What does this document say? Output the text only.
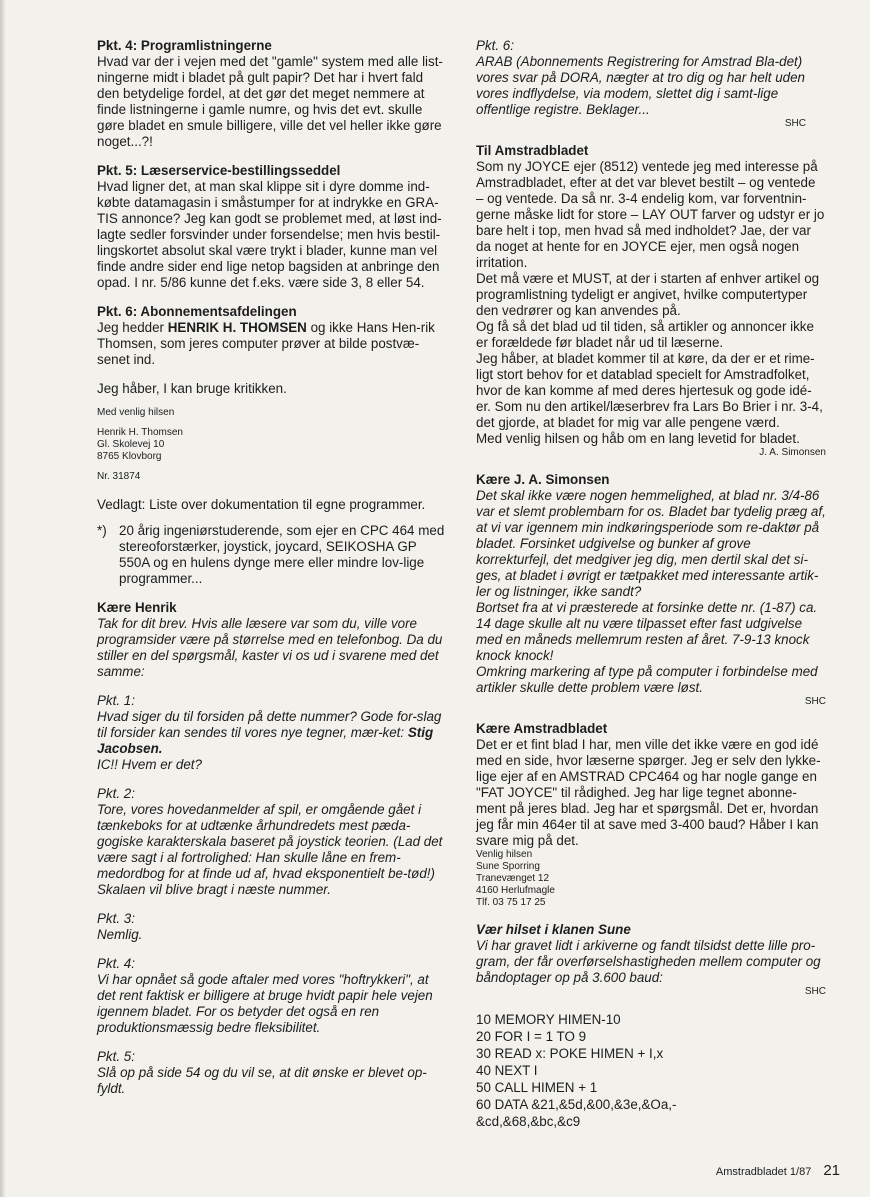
Pkt. 4: Programlistningerne

Hvad var der i vejen med det "gamle" system med alle list-ningerne midt i bladet på gult papir? Det har i hvert fald den betydelige fordel, at det gør det meget nemmere at finde listningerne i gamle numre, og hvis det evt. skulle gøre bladet en smule billigere, ville det vel heller ikke gøre noget...?!

Pkt. 5: Læserservice-bestillingsseddel

Hvad ligner det, at man skal klippe sit i dyre domme ind-købte datamagasin i småstumper for at indrykke en GRA-TIS annonce? Jeg kan godt se problemet med, at løst ind-lagte sedler forsvinder under forsendelse; men hvis bestil-lingskortet absolut skal være trykt i blader, kunne man vel finde andre sider end lige netop bagsiden at anbringe den opad. I nr. 5/86 kunne det f.eks. være side 3, 8 eller 54.

Pkt. 6: Abonnementsafdelingen

Jeg hedder HENRIK H. THOMSEN og ikke Hans Hen-rik Thomsen, som jeres computer prøver at bilde postvæ-senet ind.

Jeg håber, I kan bruge kritikken.

Med venlig hilsen

Henrik H. Thomsen

Gl. Skolevej 10

8765 Klovborg

Nr. 31874

Vedlagt: Liste over dokumentation til egne programmer.

*) 20 årig ingeniørstuderende, som ejer en CPC 464 med stereoforstærker, joystick, joycard, SEIKOSHA GP 550A og en hulens dynge mere eller mindre lov-lige programmer...
Kære Henrik

Tak for dit brev. Hvis alle læsere var som du, ville vore programsider være på størrelse med en telefonbog. Da du stiller en del spørgsmål, kaster vi os ud i svarene med det samme:

Pkt. 1:

Hvad siger du til forsiden på dette nummer? Gode for-slag til forsider kan sendes til vores nye tegner, mær-ket: Stig Jacobsen.

IC!! Hvem er det?

Pkt. 2:

Tore, vores hovedanmelder af spil, er omgående gået i tænkeboks for at udtænke århundredets mest pæda-gogiske karakterskala baseret på joystick teorien. (Lad det være sagt i al fortrolighed: Han skulle låne en frem-medordbog for at finde ud af, hvad eksponentielt be-tød!) Skalaen vil blive bragt i næste nummer.

Pkt. 3:

Nemlig.

Pkt. 4:

Vi har opnået så gode aftaler med vores "hoftrykkeri", at det rent faktisk er billigere at bruge hvidt papir hele vejen igennem bladet. For os betyder det også en ren produktionsmæssig bedre fleksibilitet.

Pkt. 5:

Slå op på side 54 og du vil se, at dit ønske er blevet op-fyldt.

Pkt. 6:

ARAB (Abonnements Registrering for Amstrad Bla-det) vores svar på DORA, nægter at tro dig og har helt uden vores indflydelse, via modem, slettet dig i samt-lige offentlige registre. Beklager...

SHC

Til Amstradbladet

Som ny JOYCE ejer (8512) ventede jeg med interesse på Amstradbladet, efter at det var blevet bestilt – og ventede – og ventede. Da så nr. 3-4 endelig kom, var forventnin-gerne måske lidt for store – LAY OUT farver og udstyr er jo bare helt i top, men hvad så med indholdet? Jae, der var da noget at hente for en JOYCE ejer, men også nogen irritation.

Det må være et MUST, at der i starten af enhver artikel og programlistning tydeligt er angivet, hvilke computertyper den vedrører og kan anvendes på.

Og få så det blad ud til tiden, så artikler og annoncer ikke er forældede før bladet når ud til læserne.

Jeg håber, at bladet kommer til at køre, da der er et rime-ligt stort behov for et datablad specielt for Amstradfolket, hvor de kan komme af med deres hjertesuk og gode idé-er. Som nu den artikel/læserbrev fra Lars Bo Brier i nr. 3-4, det gjorde, at bladet for mig var alle pengene værd.

Med venlig hilsen og håb om en lang levetid for bladet.

J. A. Simonsen

Kære J. A. Simonsen

Det skal ikke være nogen hemmelighed, at blad nr. 3/4-86 var et slemt problembarn for os. Bladet bar tydelig præg af, at vi var igennem min indkøringsperiode som re-daktør på bladet. Forsinket udgivelse og bunker af grove korrekturfejl, det medgiver jeg dig, men dertil skal det si-ges, at bladet i øvrigt er tætpakket med interessante artik-ler og listninger, ikke sandt?

Bortset fra at vi præsterede at forsinke dette nr. (1-87) ca. 14 dage skulle alt nu være tilpasset efter fast udgivelse med en måneds mellemrum resten af året. 7-9-13 knock knock knock!

Omkring markering af type på computer i forbindelse med artikler skulle dette problem være løst.

SHC

Kære Amstradbladet

Det er et fint blad I har, men ville det ikke være en god idé med en side, hvor læserne spørger. Jeg er selv den lykke-lige ejer af en AMSTRAD CPC464 og har nogle gange en "FAT JOYCE" til rådighed. Jeg har lige tegnet abonne-ment på jeres blad. Jeg har et spørgsmål. Det er, hvordan jeg får min 464er til at save med 3-400 baud? Håber I kan svare mig på det.

Venlig hilsen

Sune Sporring

Tranevænget 12

4160 Herlufmagle

Tlf. 03 75 17 25

Vær hilset i klanen Sune

Vi har gravet lidt i arkiverne og fandt tilsidst dette lille pro-gram, der får overførselshastigheden mellem computer og båndoptager op på 3.600 baud:

SHC

10 MEMORY HIMEN-10

20 FOR I = 1 TO 9

30 READ x: POKE HIMEN + I,x

40 NEXT I

50 CALL HIMEN + 1

60 DATA &21,&5d,&00,&3e,&Oa,-

&cd,&68,&bc,&c9

Amstradbladet 1/87 21
